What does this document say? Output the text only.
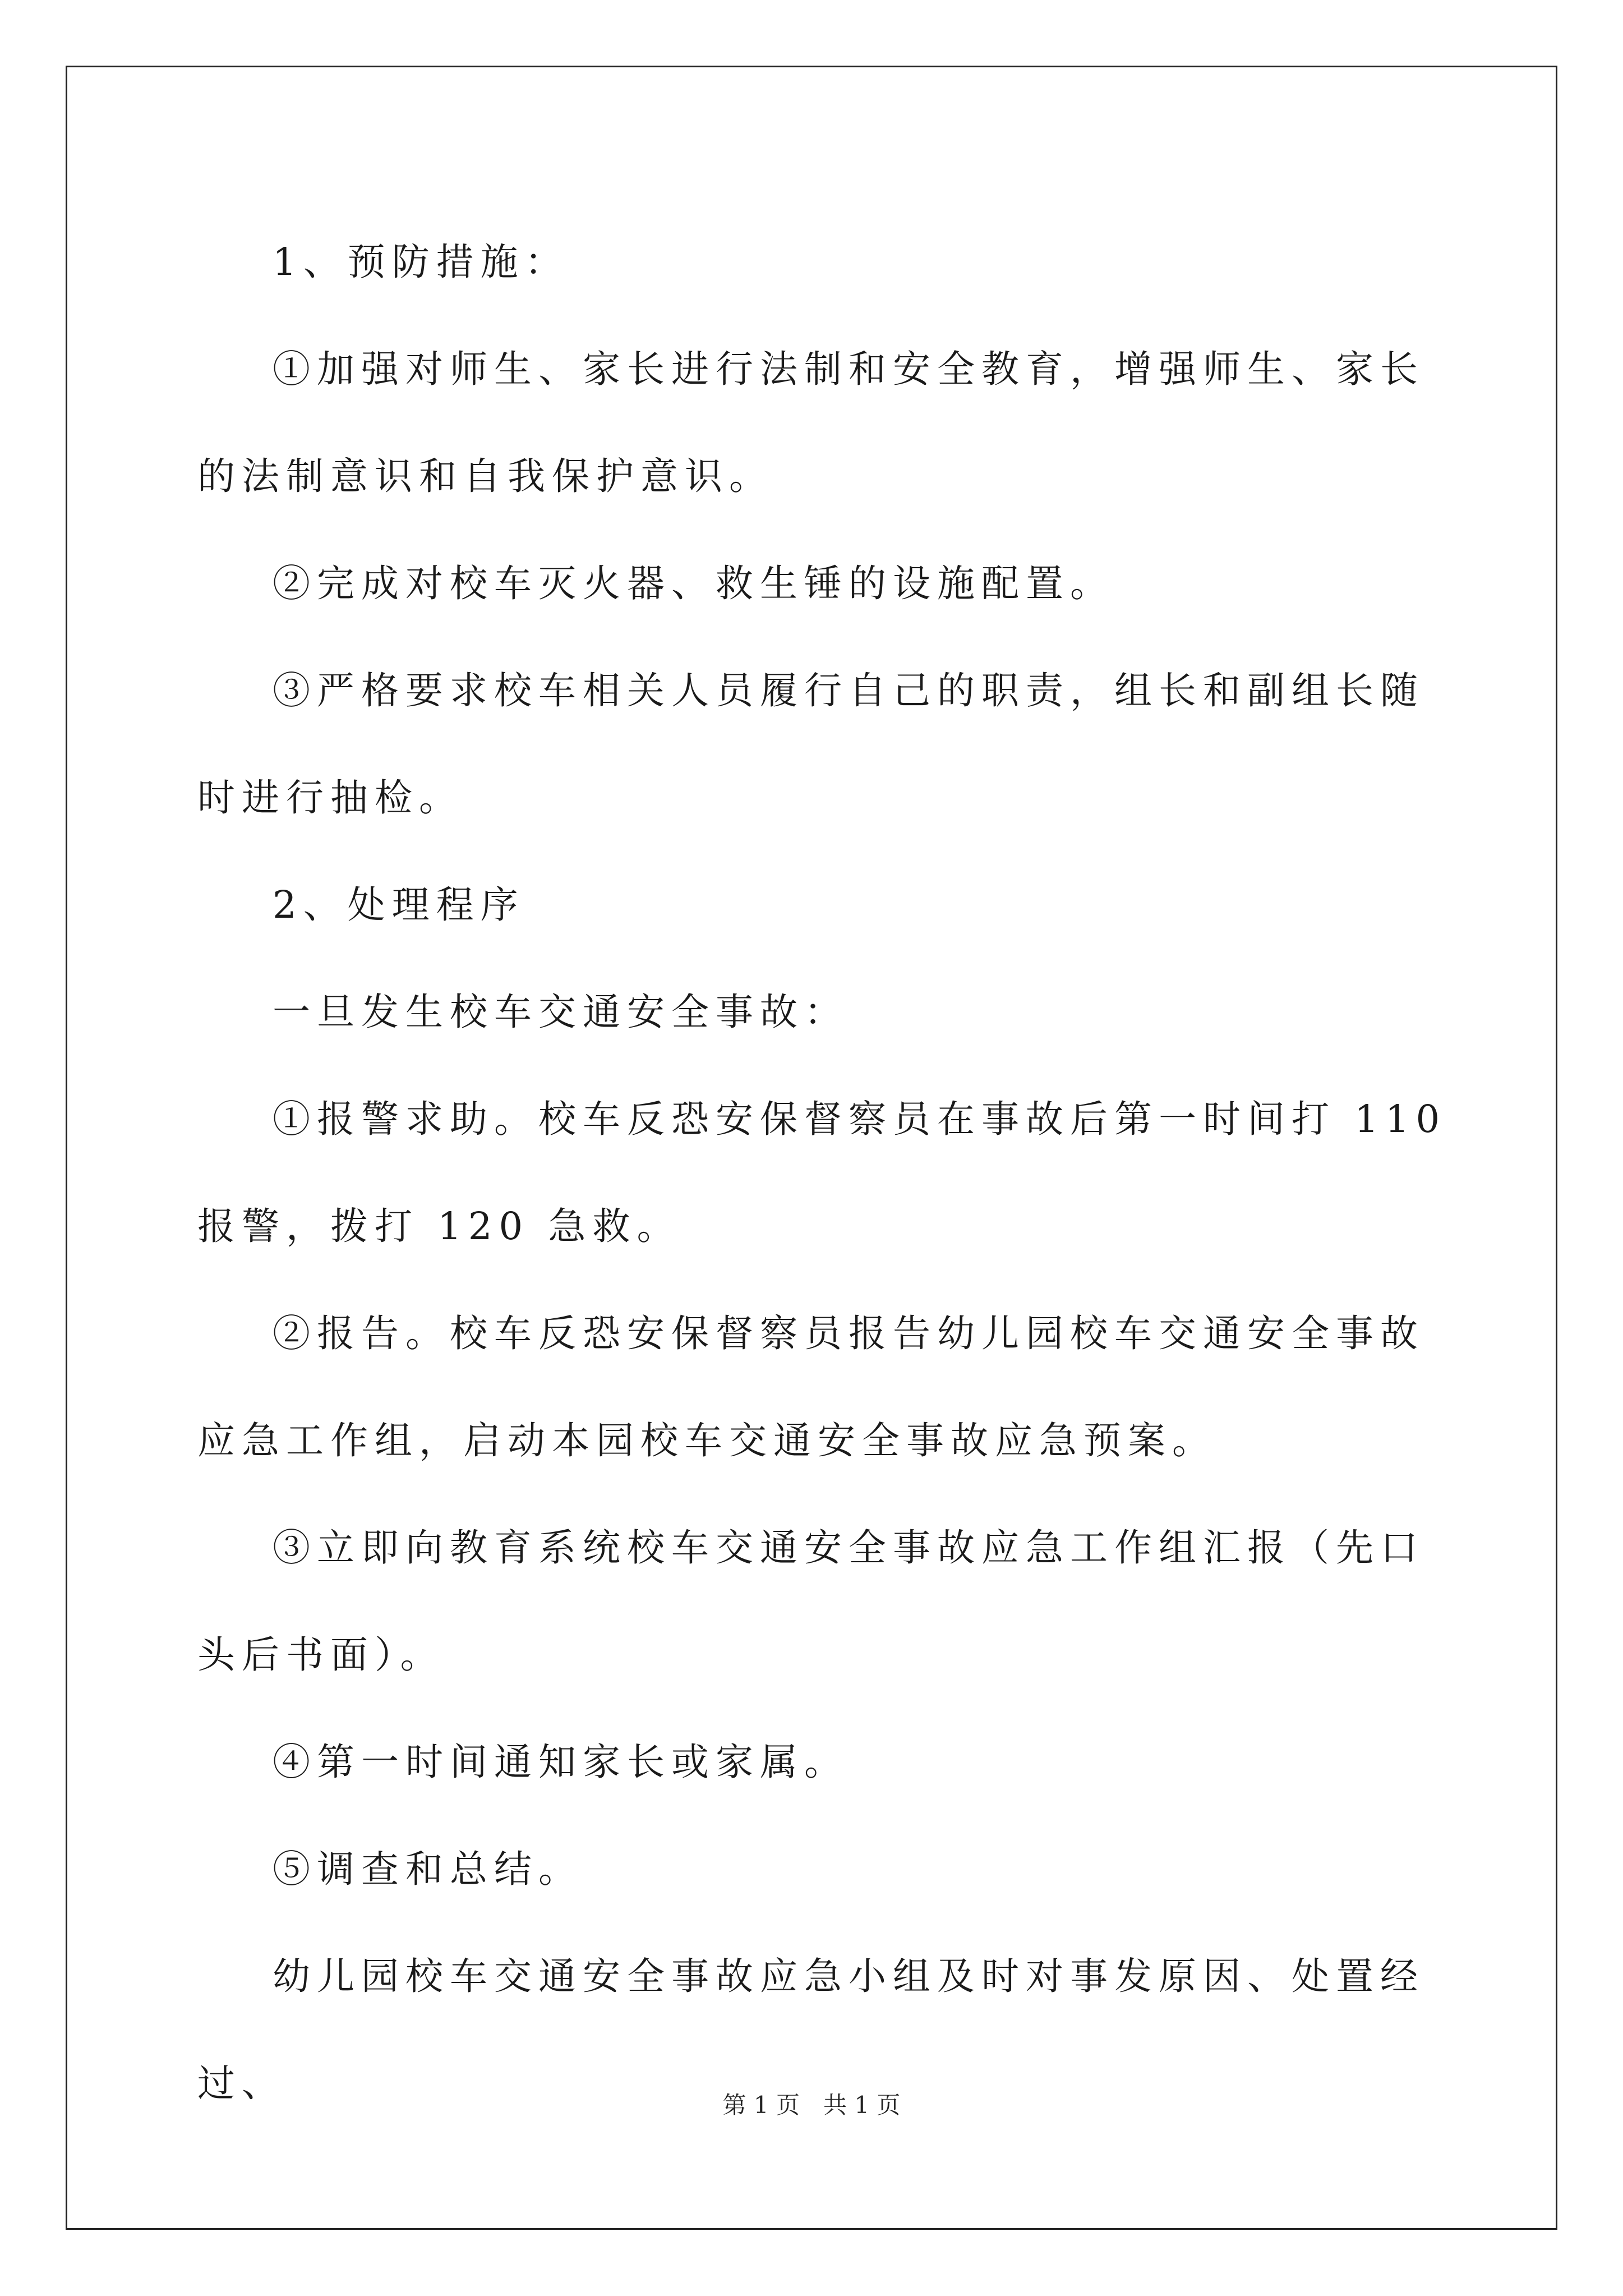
1、预防措施：

①加强对师生、家长进行法制和安全教育，增强师生、家长的法制意识和自我保护意识。

②完成对校车灭火器、救生锤的设施配置。

③严格要求校车相关人员履行自己的职责，组长和副组长随时进行抽检。

2、处理程序

一旦发生校车交通安全事故：

①报警求助。校车反恐安保督察员在事故后第一时间打 110 报警，拨打 120 急救。

②报告。校车反恐安保督察员报告幼儿园校车交通安全事故应急工作组，启动本园校车交通安全事故应急预案。

③立即向教育系统校车交通安全事故应急工作组汇报（先口头后书面）。

④第一时间通知家长或家属。

⑤调查和总结。

幼儿园校车交通安全事故应急小组及时对事发原因、处置经过、	第 1 页　共 1 页
